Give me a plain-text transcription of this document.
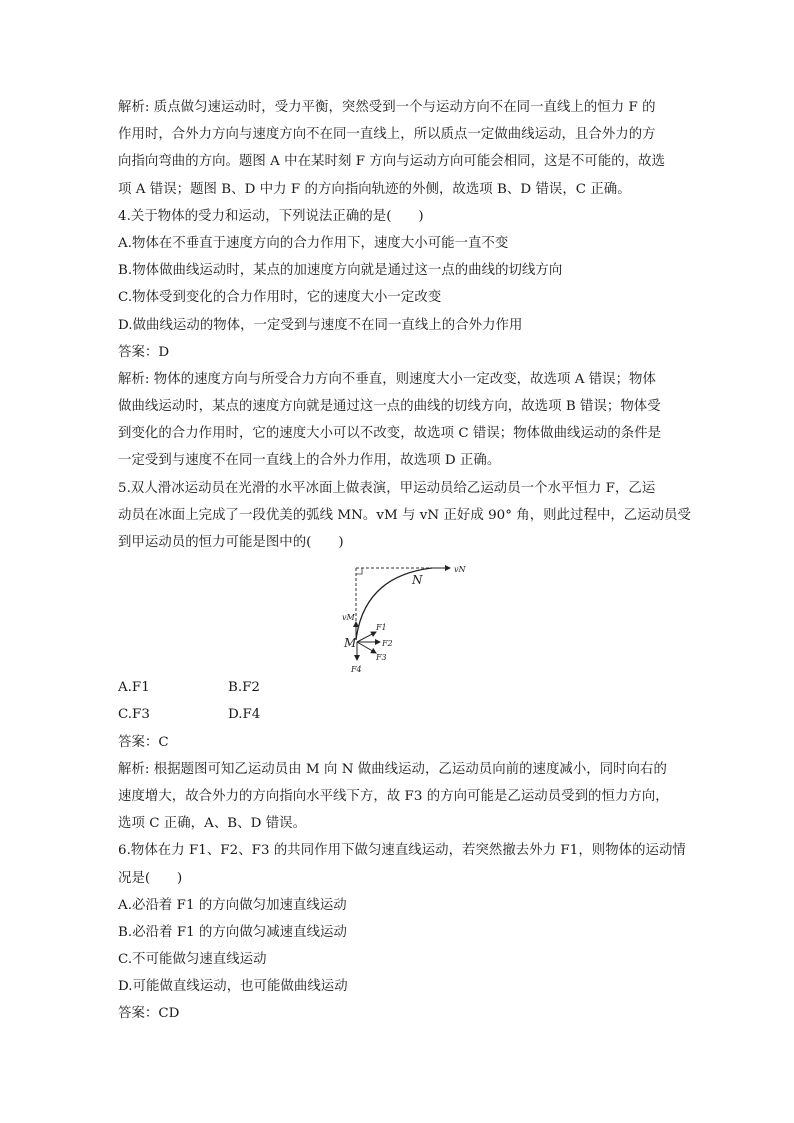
解析: 质点做匀速运动时，受力平衡，突然受到一个与运动方向不在同一直线上的恒力 F 的
作用时，合外力方向与速度方向不在同一直线上，所以质点一定做曲线运动，且合外力的方
向指向弯曲的方向。题图 A 中在某时刻 F 方向与运动方向可能会相同，这是不可能的，故选
项 A 错误；题图 B、D 中力 F 的方向指向轨迹的外侧，故选项 B、D 错误，C 正确。
4.关于物体的受力和运动，下列说法正确的是(　　)
A.物体在不垂直于速度方向的合力作用下，速度大小可能一直不变
B.物体做曲线运动时，某点的加速度方向就是通过这一点的曲线的切线方向
C.物体受到变化的合力作用时，它的速度大小一定改变
D.做曲线运动的物体，一定受到与速度不在同一直线上的合外力作用
答案：D
解析: 物体的速度方向与所受合力方向不垂直，则速度大小一定改变，故选项 A 错误；物体
做曲线运动时，某点的速度方向就是通过这一点的曲线的切线方向，故选项 B 错误；物体受
到变化的合力作用时，它的速度大小可以不改变，故选项 C 错误；物体做曲线运动的条件是
一定受到与速度不在同一直线上的合外力作用，故选项 D 正确。
5.双人滑冰运动员在光滑的水平冰面上做表演，甲运动员给乙运动员一个水平恒力 F，乙运
动员在冰面上完成了一段优美的弧线 MN。vM 与 vN 正好成 90° 角，则此过程中，乙运动员受
到甲运动员的恒力可能是图中的(　　)
N
vN
vM
M
F1
F2
F3
F4
A.F1	B.F2
C.F3	D.F4
答案：C
解析: 根据题图可知乙运动员由 M 向 N 做曲线运动，乙运动员向前的速度减小，同时向右的
速度增大，故合外力的方向指向水平线下方，故 F3 的方向可能是乙运动员受到的恒力方向，
选项 C 正确，A、B、D 错误。
6.物体在力 F1、F2、F3 的共同作用下做匀速直线运动，若突然撤去外力 F1，则物体的运动情
况是(　　)
A.必沿着 F1 的方向做匀加速直线运动
B.必沿着 F1 的方向做匀减速直线运动
C.不可能做匀速直线运动
D.可能做直线运动，也可能做曲线运动
答案：CD
